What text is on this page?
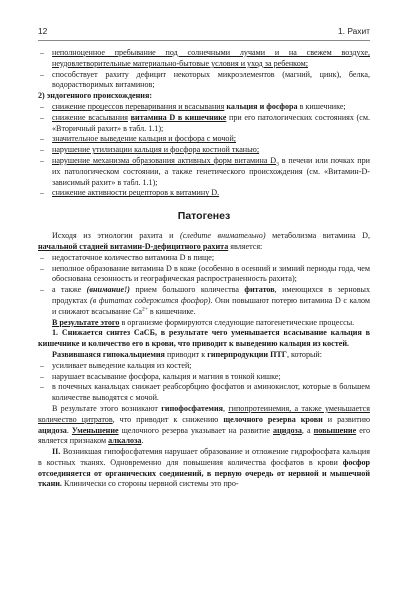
12	1. Рахит
– неполноценное пребывание под солнечными лучами и на свежем воздухе, неудовлетворительные материально-бытовые условия и уход за ребенком;
– способствует рахиту дефицит некоторых микроэлементов (магний, цинк), белка, водорастворимых витаминов;

2) эндогенного происхождения:

– снижение процессов переваривания и всасывания кальция и фосфора в кишечнике;
– снижение всасывания витамина D в кишечнике при его патологических состояниях (см. «Вторичный рахит» в табл. 1.1);
– значительное выведение кальция и фосфора с мочой;
– нарушение утилизации кальция и фосфора костной тканью;
– нарушение механизма образования активных форм витамина $D_3$ в печени или почках при их патологическом состоянии, а также генетического происхождения (см. «Витамин-D-зависимый рахит» в табл. 1.1);
– снижение активности рецепторов к витамину D.
Патогенез

Исходя из этиологии рахита и (следите внимательно) метаболизма витамина D, начальной стадией витамин-D-дефицитного рахита является:

– недостаточное количество витамина D в пище;
– неполное образование витамина D в коже (особенно в осенний и зимний периоды года, чем обоснована сезонность и географическая распространенность рахита);
– а также (внимание!) прием большого количества фитатов, имеющихся в зерновых продуктах (в фитатах содержится фосфор). Они повышают потерю витамина D с калом и снижают всасывание $Ca^{2+}$ в кишечнике.

В результате этого в организме формируются следующие патогенетические процессы.

1. Снижается синтез CaCБ, в результате чего уменьшается всасывание кальция в кишечнике и количество его в крови, что приводит к выведению кальция из костей.

Развившаяся гипокальциемия приводит к гиперпродукции ПТГ, который:

– усиливает выведение кальция из костей;
– нарушает всасывание фосфора, кальция и магния в тонкой кишке;
– в почечных канальцах снижает реабсорбцию фосфатов и аминокислот, которые в большем количестве выводятся с мочой.

В результате этого возникают гипофосфатемия, гипопротеинемия, а также уменьшается количество цитратов, что приводит к снижению щелочного резерва крови и развитию ацидоза. Уменьшение щелочного резерва указывает на развитие ацидоза, а повышение его является признаком алкалоза.

II. Возникшая гипофосфатемия нарушает образование и отложение гидрофосфата кальция в костных тканях. Одновременно для повышения количества фосфатов в крови фосфор отсоединяется от органических соединений, в первую очередь от нервной и мышечной ткани. Клинически со стороны нервной системы это про-
